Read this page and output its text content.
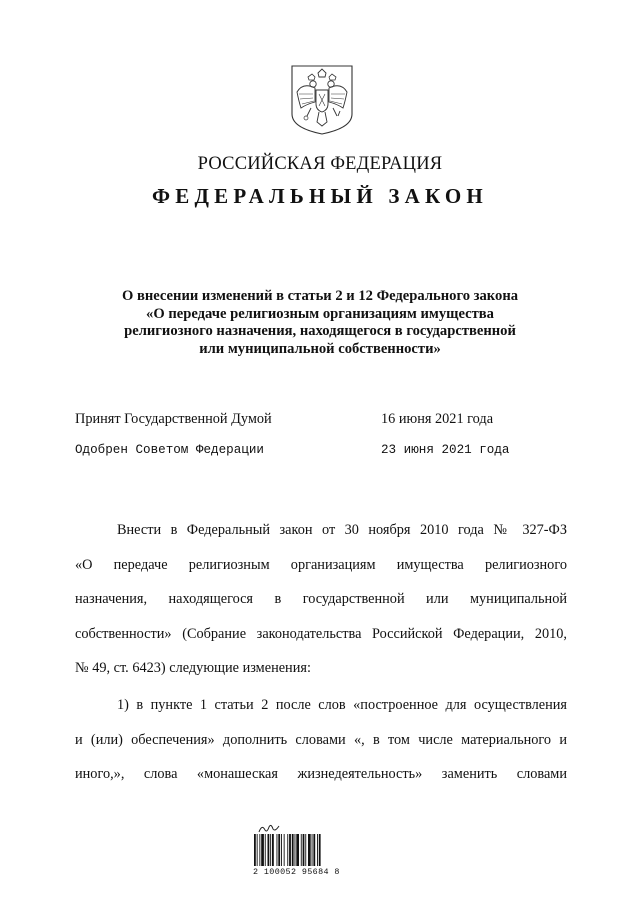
РОССИЙСКАЯ ФЕДЕРАЦИЯ
ФЕДЕРАЛЬНЫЙ ЗАКОН
О внесении изменений в статьи 2 и 12 Федерального закона
«О передаче религиозным организациям имущества
религиозного назначения, находящегося в государственной
или муниципальной собственности»
Принят Государственной Думой	16 июня 2021 года
Одобрен Советом Федерации	23 июня 2021 года
Внести в Федеральный закон от 30 ноября 2010 года № 327-ФЗ
«О передаче религиозным организациям имущества религиозного
назначения, находящегося в государственной или муниципальной
собственности» (Собрание законодательства Российской Федерации, 2010,
№ 49, ст. 6423) следующие изменения:
1) в пункте 1 статьи 2 после слов «построенное для осуществления
и (или) обеспечения» дополнить словами «, в том числе материального и
иного,», слова «монашеская жизнедеятельность» заменить словами
2 100052 95684 8
